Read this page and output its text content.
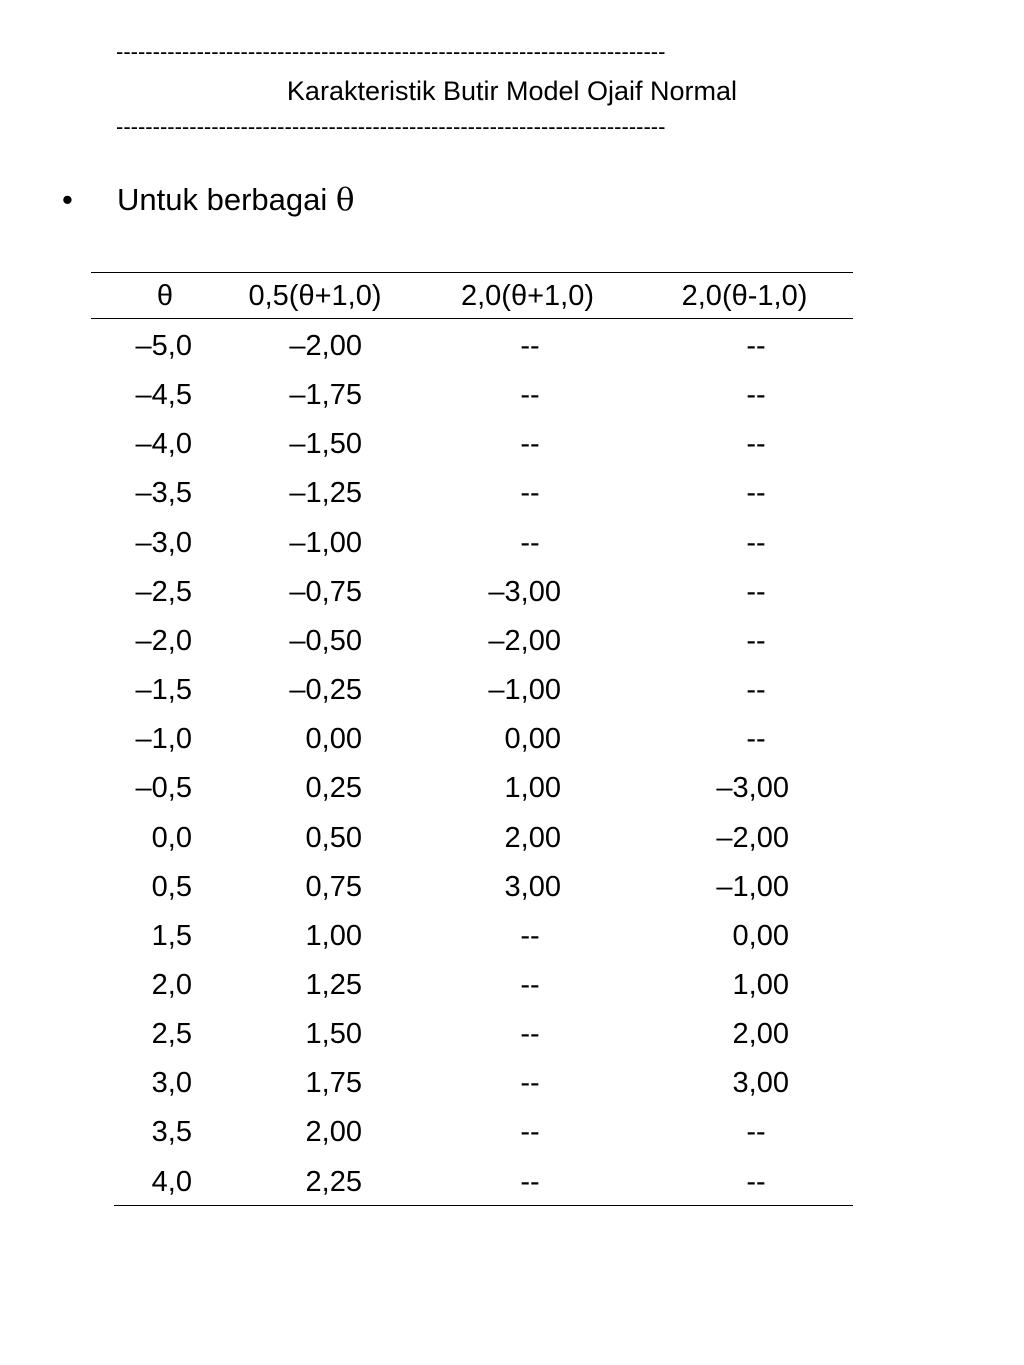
---------------------------------------------------------------------------
Karakteristik Butir Model Ojaif Normal
---------------------------------------------------------------------------
• Untuk berbagai θ
θ	0,5(θ+1,0)	2,0(θ+1,0)	2,0(θ-1,0)
–5,0	–2,00	--	--
–4,5	–1,75	--	--
–4,0	–1,50	--	--
–3,5	–1,25	--	--
–3,0	–1,00	--	--
–2,5	–0,75	–3,00	--
–2,0	–0,50	–2,00	--
–1,5	–0,25	–1,00	--
–1,0	0,00	0,00	--
–0,5	0,25	1,00	–3,00
0,0	0,50	2,00	–2,00
0,5	0,75	3,00	–1,00
1,5	1,00	--	0,00
2,0	1,25	--	1,00
2,5	1,50	--	2,00
3,0	1,75	--	3,00
3,5	2,00	--	--
4,0	2,25	--	--
